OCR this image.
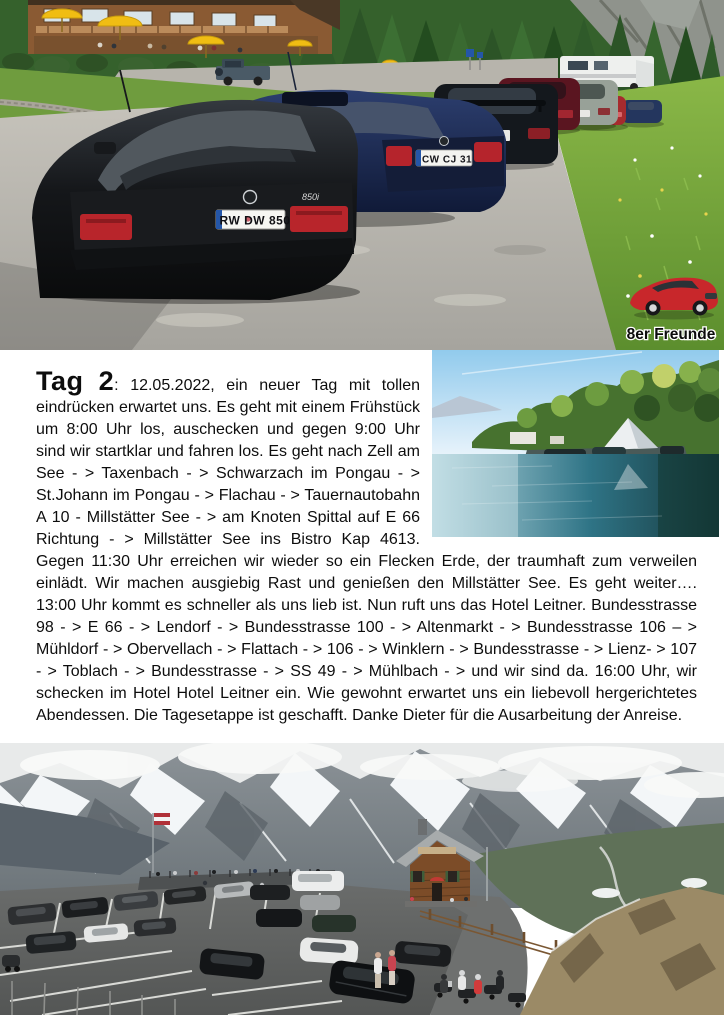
CW CJ 31
850i
RW DW 850
8er Freunde

Tag 2: 12.05.2022, ein neuer Tag mit tollen eindrücken erwartet uns. Es geht mit einem Frühstück um 8:00 Uhr los, auschecken und gegen 9:00 Uhr sind wir startklar und fahren los. Es geht nach Zell am See - > Taxenbach - > Schwarzach im Pongau - > St.Johann im Pongau - > Flachau - > Tauernautobahn A 10 - Millstätter See - > am Knoten Spittal auf E 66 Richtung - > Millstätter See ins Bistro Kap 4613. Gegen 11:30 Uhr erreichen wir wieder so ein Flecken Erde, der traumhaft zum verweilen einlädt. Wir machen ausgiebig Rast und genießen den Millstätter See. Es geht weiter…. 13:00 Uhr kommt es schneller als uns lieb ist. Nun ruft uns das Hotel Leitner. Bundesstrasse 98 - > E 66 - > Lendorf - > Bundesstrasse 100 - > Altenmarkt - > Bundesstrasse 106 – > Mühldorf - > Obervellach - > Flattach - > 106 - > Winklern - > Bundesstrasse - > Lienz- > 107 - > Toblach - > Bundesstrasse - > SS 49 - > Mühlbach - > und wir sind da. 16:00 Uhr, wir schecken im Hotel Hotel Leitner ein. Wie gewohnt erwartet uns ein liebevoll hergerichtetes Abendessen. Die Tagesetappe ist geschafft. Danke Dieter für die Ausarbeitung der Anreise.
